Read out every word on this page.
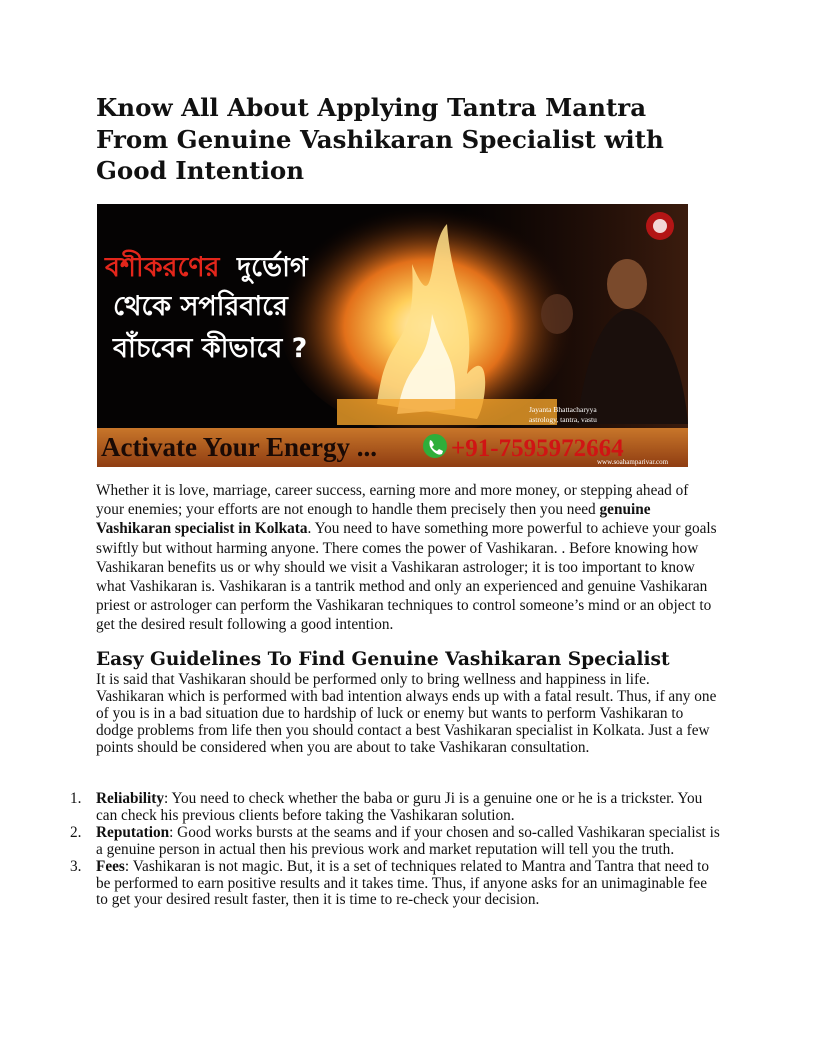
Know All About Applying Tantra Mantra From Genuine Vashikaran Specialist with Good Intention
বশীকরণের দুর্ভোগ
থেকে সপরিবারে
বাঁচবেন কীভাবে ?
Jayanta Bhattacharyya
astrology, tantra, vastu
Activate Your Energy ...	+91-7595972664
www.soahamparivar.com

Whether it is love, marriage, career success, earning more and more money, or stepping ahead of your enemies; your efforts are not enough to handle them precisely then you need genuine Vashikaran specialist in Kolkata. You need to have something more powerful to achieve your goals swiftly but without harming anyone. There comes the power of Vashikaran. . Before knowing how Vashikaran benefits us or why should we visit a Vashikaran astrologer; it is too important to know what Vashikaran is. Vashikaran is a tantrik method and only an experienced and genuine Vashikaran priest or astrologer can perform the Vashikaran techniques to control someone’s mind or an object to get the desired result following a good intention.

Easy Guidelines To Find Genuine Vashikaran Specialist

It is said that Vashikaran should be performed only to bring wellness and happiness in life. Vashikaran which is performed with bad intention always ends up with a fatal result. Thus, if any one of you is in a bad situation due to hardship of luck or enemy but wants to perform Vashikaran to dodge problems from life then you should contact a best Vashikaran specialist in Kolkata. Just a few points should be considered when you are about to take Vashikaran consultation.

1. Reliability: You need to check whether the baba or guru Ji is a genuine one or he is a trickster. You can check his previous clients before taking the Vashikaran solution.
2. Reputation: Good works bursts at the seams and if your chosen and so-called Vashikaran specialist is a genuine person in actual then his previous work and market reputation will tell you the truth.
3. Fees: Vashikaran is not magic. But, it is a set of techniques related to Mantra and Tantra that need to be performed to earn positive results and it takes time. Thus, if anyone asks for an unimaginable fee to get your desired result faster, then it is time to re-check your decision.
